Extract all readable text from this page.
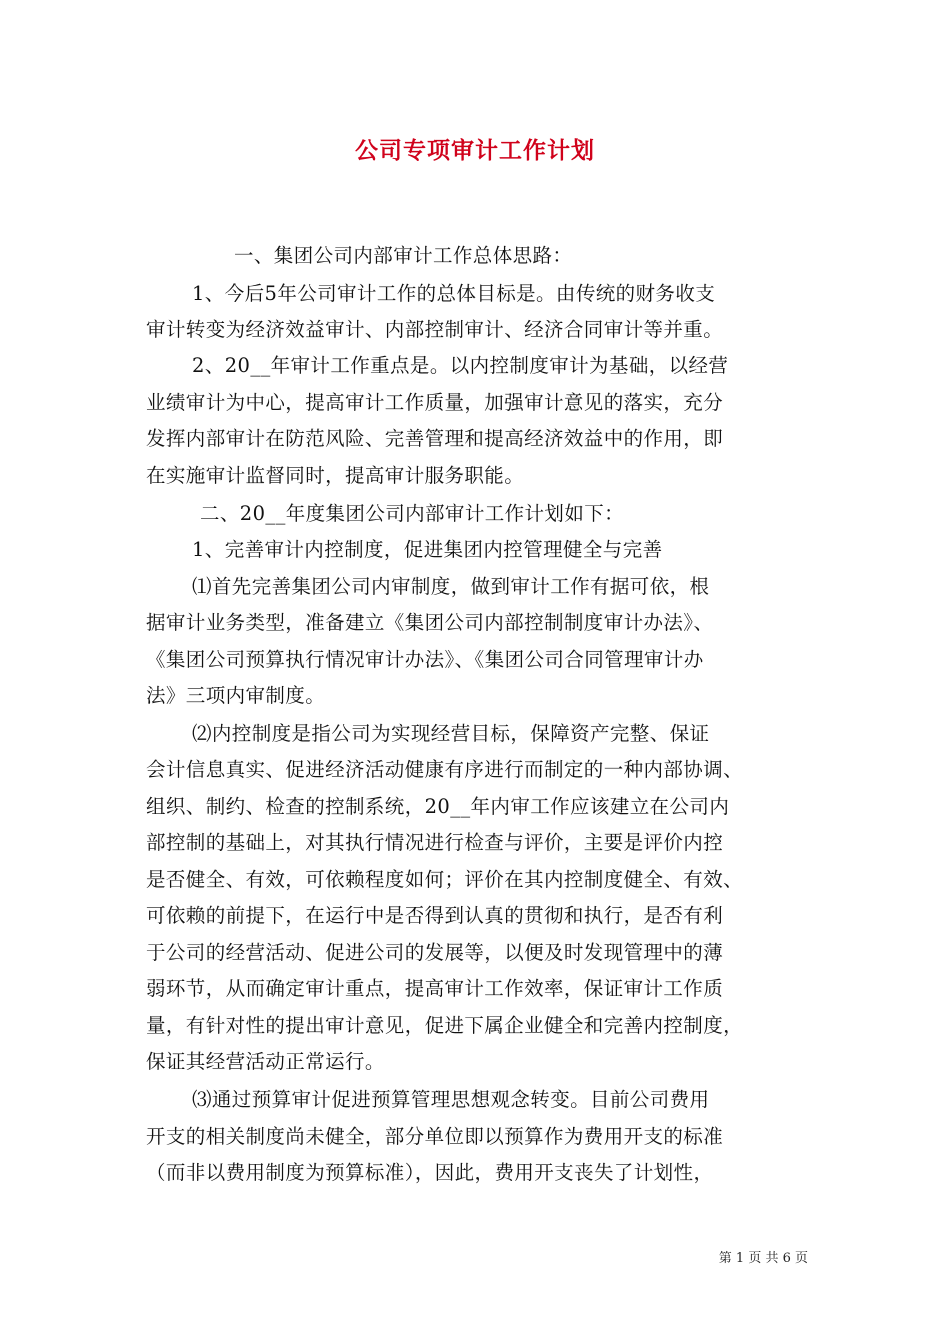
公司专项审计工作计划
一、集团公司内部审计工作总体思路：
1、今后5年公司审计工作的总体目标是。由传统的财务收支
审计转变为经济效益审计、内部控制审计、经济合同审计等并重。
2、20__年审计工作重点是。以内控制度审计为基础，以经营
业绩审计为中心，提高审计工作质量，加强审计意见的落实，充分
发挥内部审计在防范风险、完善管理和提高经济效益中的作用，即
在实施审计监督同时，提高审计服务职能。
二、20__年度集团公司内部审计工作计划如下：
1、完善审计内控制度，促进集团内控管理健全与完善
⑴首先完善集团公司内审制度，做到审计工作有据可依，根
据审计业务类型，准备建立《集团公司内部控制制度审计办法》、
《集团公司预算执行情况审计办法》、《集团公司合同管理审计办
法》三项内审制度。
⑵内控制度是指公司为实现经营目标，保障资产完整、保证
会计信息真实、促进经济活动健康有序进行而制定的一种内部协调、
组织、制约、检查的控制系统，20__年内审工作应该建立在公司内
部控制的基础上，对其执行情况进行检查与评价，主要是评价内控
是否健全、有效，可依赖程度如何；评价在其内控制度健全、有效、
可依赖的前提下，在运行中是否得到认真的贯彻和执行，是否有利
于公司的经营活动、促进公司的发展等，以便及时发现管理中的薄
弱环节，从而确定审计重点，提高审计工作效率，保证审计工作质
量，有针对性的提出审计意见，促进下属企业健全和完善内控制度，
保证其经营活动正常运行。
⑶通过预算审计促进预算管理思想观念转变。目前公司费用
开支的相关制度尚未健全，部分单位即以预算作为费用开支的标准
（而非以费用制度为预算标准），因此，费用开支丧失了计划性，
第 1 页 共 6 页
